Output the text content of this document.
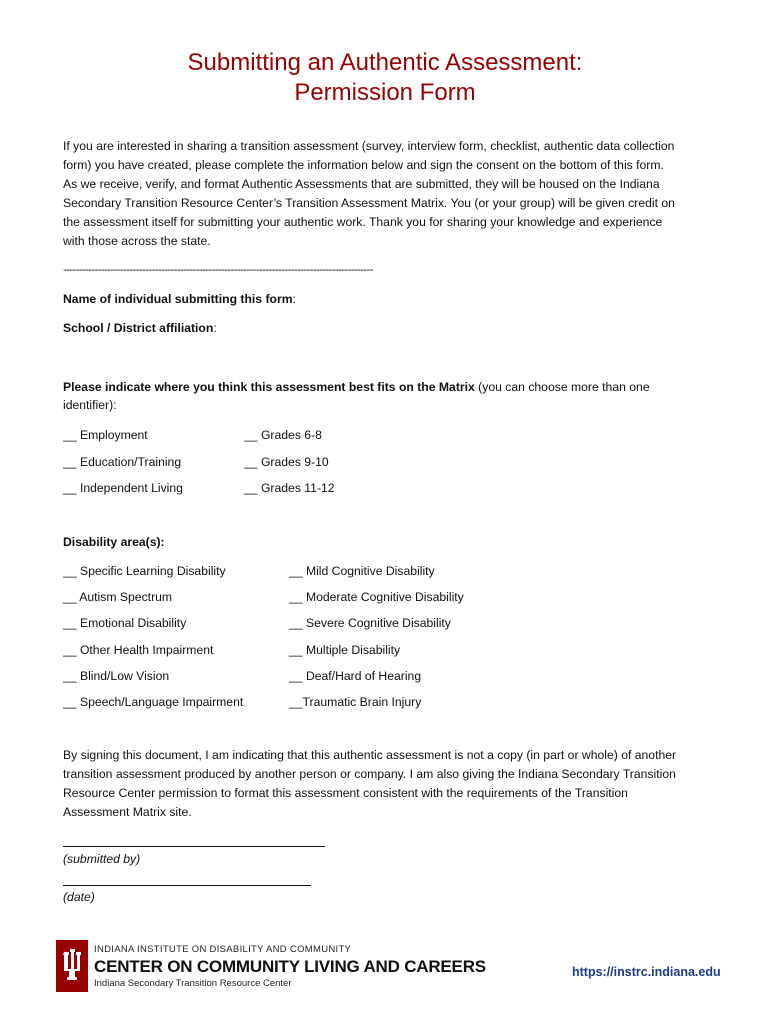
Submitting an Authentic Assessment:
Permission Form
If you are interested in sharing a transition assessment (survey, interview form, checklist, authentic data collection
form) you have created, please complete the information below and sign the consent on the bottom of this form.
As we receive, verify, and format Authentic Assessments that are submitted, they will be housed on the Indiana
Secondary Transition Resource Center’s Transition Assessment Matrix. You (or your group) will be given credit on
the assessment itself for submitting your authentic work. Thank you for sharing your knowledge and experience
with those across the state.
--------------------------------------------------------------------------------------------------
Name of individual submitting this form:
School / District affiliation:
Please indicate where you think this assessment best fits on the Matrix (you can choose more than one
identifier):
__ Employment
__ Education/Training
__ Independent Living
__ Grades 6-8
__ Grades 9-10
__ Grades 11-12
Disability area(s):
__ Specific Learning Disability
__ Autism Spectrum
__ Emotional Disability
__ Other Health Impairment
__ Blind/Low Vision
__ Speech/Language Impairment
__ Mild Cognitive Disability
__ Moderate Cognitive Disability
__ Severe Cognitive Disability
__ Multiple Disability
__ Deaf/Hard of Hearing
__Traumatic Brain Injury
By signing this document, I am indicating that this authentic assessment is not a copy (in part or whole) of another
transition assessment produced by another person or company. I am also giving the Indiana Secondary Transition
Resource Center permission to format this assessment consistent with the requirements of the Transition
Assessment Matrix site.
(submitted by)
(date)
INDIANA INSTITUTE ON DISABILITY AND COMMUNITY
CENTER ON COMMUNITY LIVING AND CAREERS
Indiana Secondary Transition Resource Center
https://instrc.indiana.edu
